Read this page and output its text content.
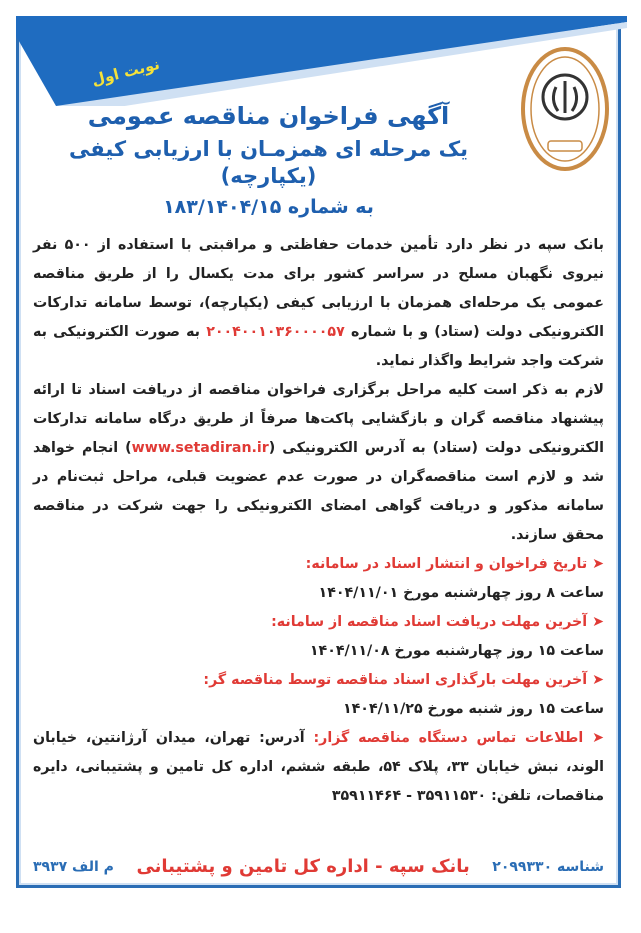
نوبت اول
آگهی فراخوان مناقصه عمومی
یک مرحله ای همزمـان با ارزیابی کیفی (یکپارچه)
به شماره ۱۸۳/۱۴۰۴/۱۵

بانک سپه در نظر دارد تأمین خدمات حفاظتی و مراقبتی با استفاده از ۵۰۰ نفر نیروی نگهبان مسلح در سراسر کشور برای مدت یکسال را از طریق مناقصه عمومی یک مرحله‌ای همزمان با ارزیابی کیفی (یکپارچه)، توسط سامانه تدارکات الکترونیکی دولت (ستاد) و با شماره ۲۰۰۴۰۰۱۰۳۶۰۰۰۰۵۷ به صورت الکترونیکی به شرکت واجد شرایط واگذار نماید.

لازم به ذکر است کلیه مراحل برگزاری فراخوان مناقصه از دریافت اسناد تا ارائه پیشنهاد مناقصه گران و بازگشایی پاکت‌ها صرفاً از طریق درگاه سامانه تدارکات الکترونیکی دولت (ستاد) به آدرس الکترونیکی (www.setadiran.ir) انجام خواهد شد و لازم است مناقصه‌گران در صورت عدم عضویت قبلی، مراحل ثبت‌نام در سامانه مذکور و دریافت گواهی امضای الکترونیکی را جهت شرکت در مناقصه محقق سازند.

➤ تاریخ فراخوان و انتشار اسناد در سامانه:

ساعت ۸ روز چهارشنبه مورخ ۱۴۰۴/۱۱/۰۱

➤ آخرین مهلت دریافت اسناد مناقصه از سامانه:

ساعت ۱۵ روز چهارشنبه مورخ ۱۴۰۴/۱۱/۰۸

➤ آخرین مهلت بارگذاری اسناد مناقصه توسط مناقصه گر:

ساعت ۱۵ روز شنبه مورخ ۱۴۰۴/۱۱/۲۵

➤ اطلاعات تماس دستگاه مناقصه گزار: آدرس: تهران، میدان آرژانتین، خیابان الوند، نبش خیابان ۳۳، پلاک ۵۴، طبقه ششم، اداره کل تامین و پشتیبانی، دایره مناقصات، تلفن: ۳۵۹۱۱۵۳۰ - ۳۵۹۱۱۴۶۴

شناسه ۲۰۹۹۳۳۰
بانک سپه - اداره کل تامین و پشتیبانی
م الف ۳۹۳۷
